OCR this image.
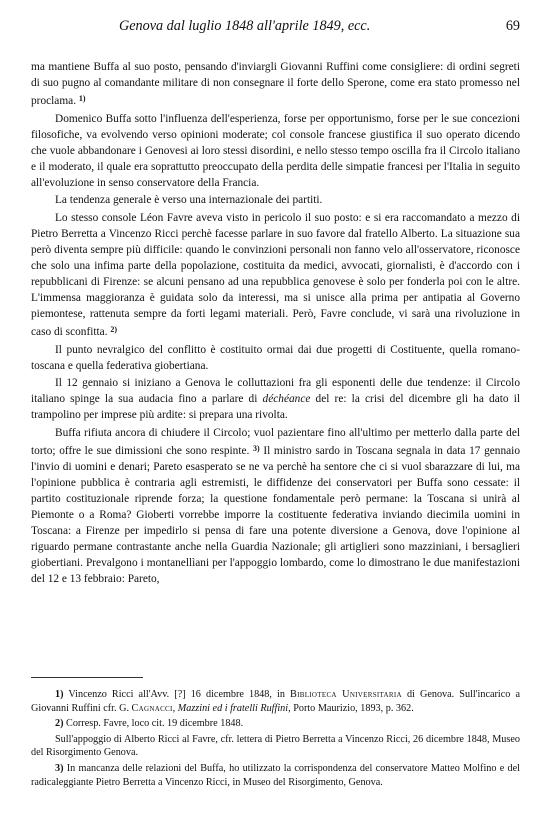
Genova dal luglio 1848 all'aprile 1849, ecc.	69

ma mantiene Buffa al suo posto, pensando d'inviargli Giovanni Ruffini come consigliere: di ordini segreti di suo pugno al comandante militare di non consegnare il forte dello Sperone, come era stato promesso nel proclama. $^{1)}$

Domenico Buffa sotto l'influenza dell'esperienza, forse per opportunismo, forse per le sue concezioni filosofiche, va evolvendo verso opinioni moderate; col console francese giustifica il suo operato dicendo che vuole abbandonare i Genovesi ai loro stessi disordini, e nello stesso tempo oscilla fra il Circolo italiano e il moderato, il quale era soprattutto preoccupato della perdita delle simpatie francesi per l'Italia in seguito all'evoluzione in senso conservatore della Francia.

La tendenza generale è verso una internazionale dei partiti.

Lo stesso console Léon Favre aveva visto in pericolo il suo posto: e si era raccomandato a mezzo di Pietro Berretta a Vincenzo Ricci perchè facesse parlare in suo favore dal fratello Alberto. La situazione sua però diventa sempre più difficile: quando le convinzioni personali non fanno velo all'osservatore, riconosce che solo una infima parte della popolazione, costituita da medici, avvocati, giornalisti, è d'accordo con i repubblicani di Firenze: se alcuni pensano ad una repubblica genovese è solo per fonderla poi con le altre. L'immensa maggioranza è guidata solo da interessi, ma si unisce alla prima per antipatia al Governo piemontese, rattenuta sempre da forti legami materiali. Però, Favre conclude, vi sarà una rivoluzione in caso di sconfitta. $^{2)}$

Il punto nevralgico del conflitto è costituito ormai dai due progetti di Costituente, quella romano-toscana e quella federativa giobertiana.

Il 12 gennaio si iniziano a Genova le colluttazioni fra gli esponenti delle due tendenze: il Circolo italiano spinge la sua audacia fino a parlare di déchéance del re: la crisi del dicembre gli ha dato il trampolino per imprese più ardite: si prepara una rivolta.

Buffa rifiuta ancora di chiudere il Circolo; vuol pazientare fino all'ultimo per metterlo dalla parte del torto; offre le sue dimissioni che sono respinte. $^{3)}$ Il ministro sardo in Toscana segnala in data 17 gennaio l'invio di uomini e denari; Pareto esasperato se ne va perchè ha sentore che ci si vuol sbarazzare di lui, ma l'opinione pubblica è contraria agli estremisti, le diffidenze dei conservatori per Buffa sono cessate: il partito costituzionale riprende forza; la questione fondamentale però permane: la Toscana si unirà al Piemonte o a Roma? Gioberti vorrebbe imporre la costituente federativa inviando diecimila uomini in Toscana: a Firenze per impedirlo si pensa di fare una potente diversione a Genova, dove l'opinione al riguardo permane contrastante anche nella Guardia Nazionale; gli artiglieri sono mazziniani, i bersaglieri giobertiani. Prevalgono i montanellìani per l'appoggio lombardo, come lo dimostrano le due manifestazioni del 12 e 13 febbraio: Pareto,

1) Vincenzo Ricci all'Avv. [?] 16 dicembre 1848, in Biblioteca Universitaria di Genova. Sull'incarico a Giovanni Ruffini cfr. G. Cagnacci, Mazzini ed i fratelli Ruffini, Porto Maurizio, 1893, p. 362.

2) Corresp. Favre, loco cit. 19 dicembre 1848.

Sull'appoggio di Alberto Ricci al Favre, cfr. lettera di Pietro Berretta a Vincenzo Ricci, 26 dicembre 1848, Museo del Risorgimento Genova.

3) In mancanza delle relazioni del Buffa, ho utilizzato la corrispondenza del conservatore Matteo Molfino e del radicaleggiante Pietro Berretta a Vincenzo Ricci, in Museo del Risorgimento, Genova.
